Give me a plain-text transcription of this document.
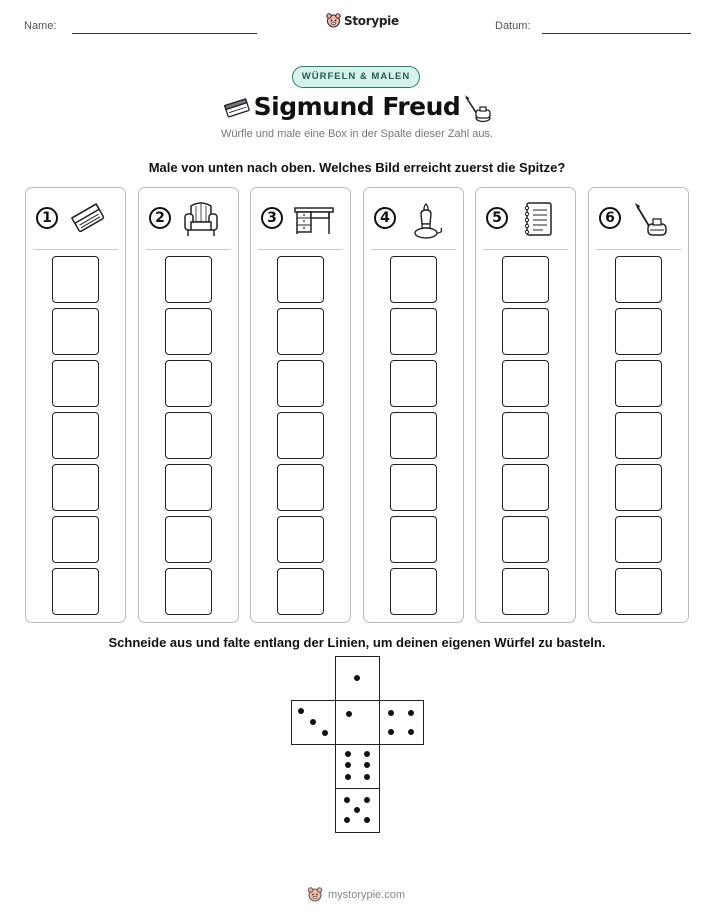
Name:	Storypie	Datum:
WÜRFELN & MALEN
Sigmund Freud
Würfle und male eine Box in der Spalte dieser Zahl aus.
Male von unten nach oben. Welches Bild erreicht zuerst die Spitze?
1	2	3	4	5	6
Schneide aus und falte entlang der Linien, um deinen eigenen Würfel zu basteln.
mystorypie.com
